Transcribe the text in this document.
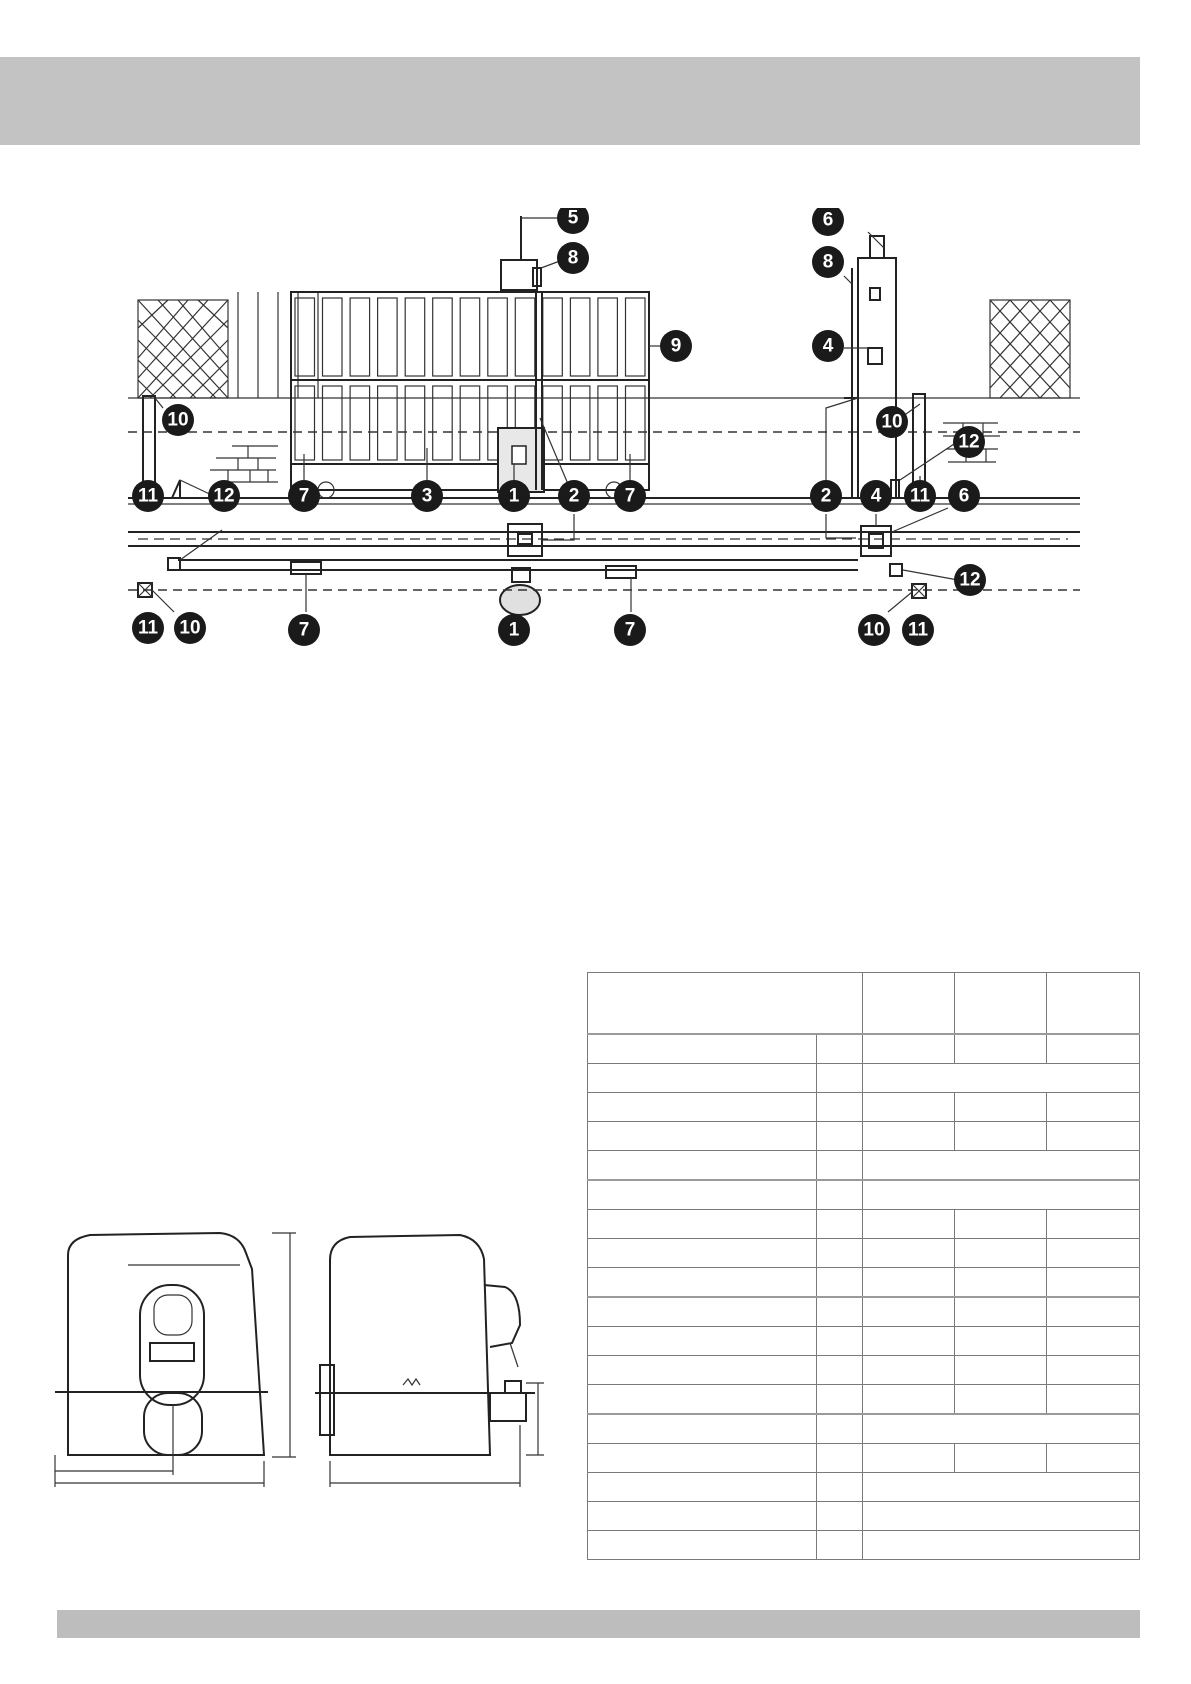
5
8
9
6
8
4
10	10
12
11	12	7	3	1	2 7	2 4 11 6
12
11 10	7	1	7	10 11
